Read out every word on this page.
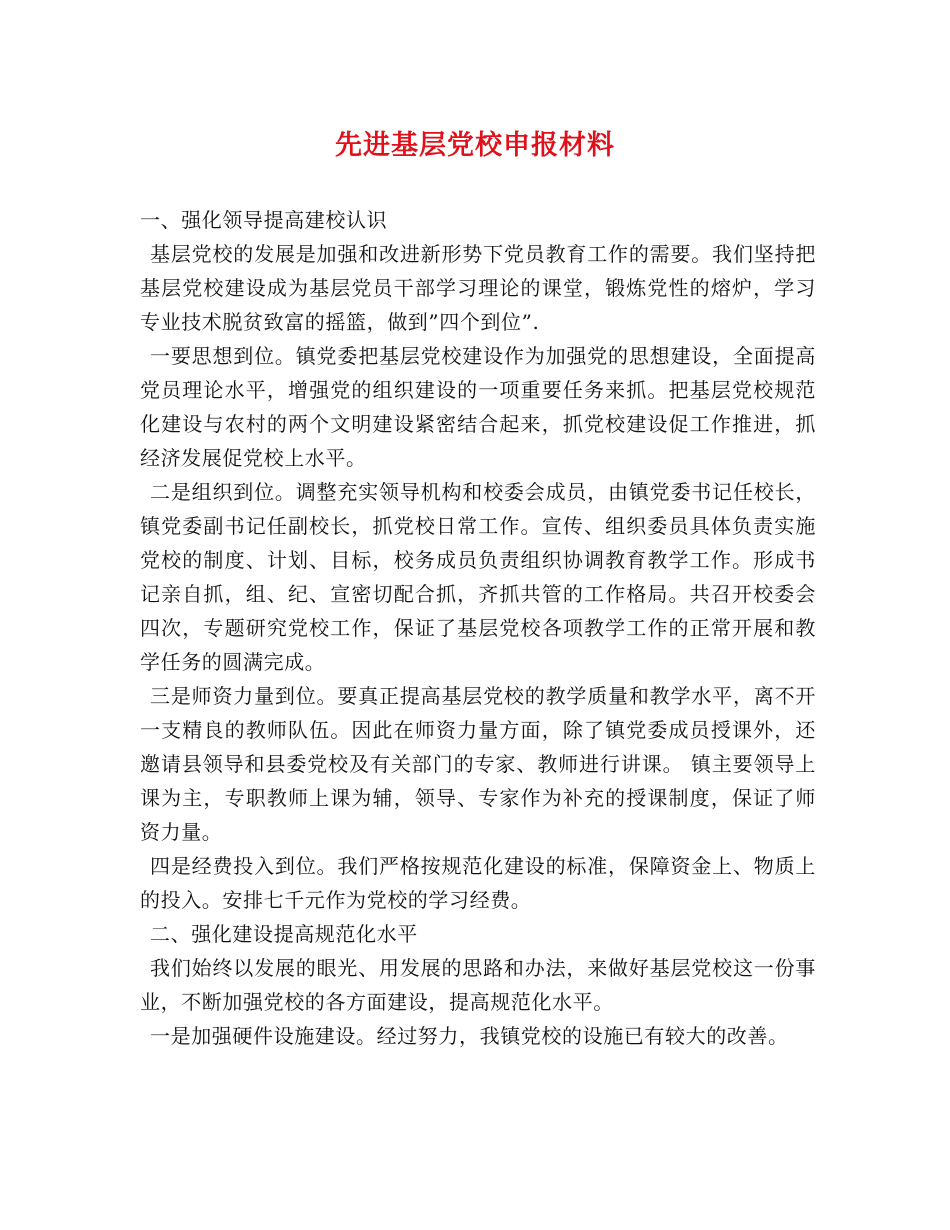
先进基层党校申报材料

一、强化领导提高建校认识

基层党校的发展是加强和改进新形势下党员教育工作的需要。我们坚持把基层党校建设成为基层党员干部学习理论的课堂，锻炼党性的熔炉，学习专业技术脱贫致富的摇篮，做到”四个到位”.

一要思想到位。镇党委把基层党校建设作为加强党的思想建设，全面提高党员理论水平，增强党的组织建设的一项重要任务来抓。把基层党校规范化建设与农村的两个文明建设紧密结合起来，抓党校建设促工作推进，抓经济发展促党校上水平。

二是组织到位。调整充实领导机构和校委会成员，由镇党委书记任校长，镇党委副书记任副校长，抓党校日常工作。宣传、组织委员具体负责实施党校的制度、计划、目标，校务成员负责组织协调教育教学工作。形成书记亲自抓，组、纪、宣密切配合抓，齐抓共管的工作格局。共召开校委会四次，专题研究党校工作，保证了基层党校各项教学工作的正常开展和教学任务的圆满完成。

三是师资力量到位。要真正提高基层党校的教学质量和教学水平，离不开一支精良的教师队伍。因此在师资力量方面，除了镇党委成员授课外，还邀请县领导和县委党校及有关部门的专家、教师进行讲课。 镇主要领导上课为主，专职教师上课为辅，领导、专家作为补充的授课制度，保证了师资力量。

四是经费投入到位。我们严格按规范化建设的标准，保障资金上、物质上的投入。安排七千元作为党校的学习经费。

二、强化建设提高规范化水平

我们始终以发展的眼光、用发展的思路和办法，来做好基层党校这一份事业，不断加强党校的各方面建设，提高规范化水平。

一是加强硬件设施建设。经过努力，我镇党校的设施已有较大的改善。
